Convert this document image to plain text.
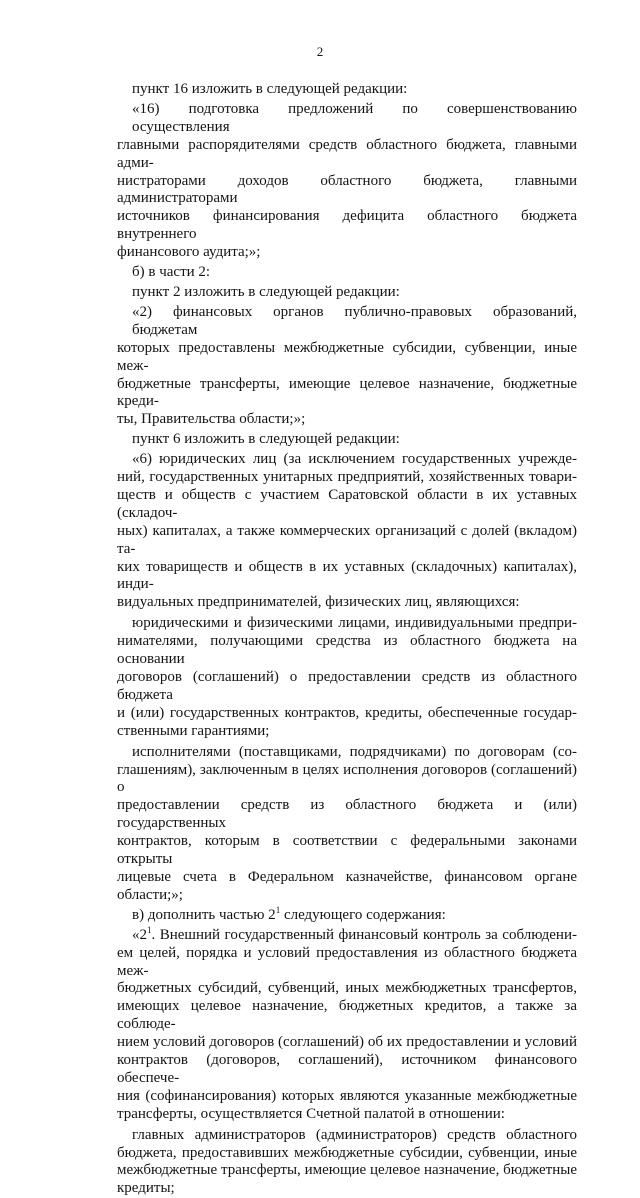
2
пункт 16 изложить в следующей редакции:
«16) подготовка предложений по совершенствованию осуществления
главными распорядителями средств областного бюджета, главными адми-
нистраторами доходов областного бюджета, главными администраторами
источников финансирования дефицита областного бюджета внутреннего
финансового аудита;»;
б) в части 2:
пункт 2 изложить в следующей редакции:
«2) финансовых органов публично-правовых образований, бюджетам
которых предоставлены межбюджетные субсидии, субвенции, иные меж-
бюджетные трансферты, имеющие целевое назначение, бюджетные креди-
ты, Правительства области;»;
пункт 6 изложить в следующей редакции:
«6) юридических лиц (за исключением государственных учрежде-
ний, государственных унитарных предприятий, хозяйственных товари-
ществ и обществ с участием Саратовской области в их уставных (складоч-
ных) капиталах, а также коммерческих организаций с долей (вкладом) та-
ких товариществ и обществ в их уставных (складочных) капиталах), инди-
видуальных предпринимателей, физических лиц, являющихся:
юридическими и физическими лицами, индивидуальными предпри-
нимателями, получающими средства из областного бюджета на основании
договоров (соглашений) о предоставлении средств из областного бюджета
и (или) государственных контрактов, кредиты, обеспеченные государ-
ственными гарантиями;
исполнителями (поставщиками, подрядчиками) по договорам (со-
глашениям), заключенным в целях исполнения договоров (соглашений) о
предоставлении средств из областного бюджета и (или) государственных
контрактов, которым в соответствии с федеральными законами открыты
лицевые счета в Федеральном казначействе, финансовом органе области;»;
в) дополнить частью $2^1$ следующего содержания:
«$2^1$. Внешний государственный финансовый контроль за соблюдени-
ем целей, порядка и условий предоставления из областного бюджета меж-
бюджетных субсидий, субвенций, иных межбюджетных трансфертов,
имеющих целевое назначение, бюджетных кредитов, а также за соблюде-
нием условий договоров (соглашений) об их предоставлении и условий
контрактов (договоров, соглашений), источником финансового обеспече-
ния (софинансирования) которых являются указанные межбюджетные
трансферты, осуществляется Счетной палатой в отношении:
главных администраторов (администраторов) средств областного
бюджета, предоставивших межбюджетные субсидии, субвенции, иные
межбюджетные трансферты, имеющие целевое назначение, бюджетные
кредиты;
